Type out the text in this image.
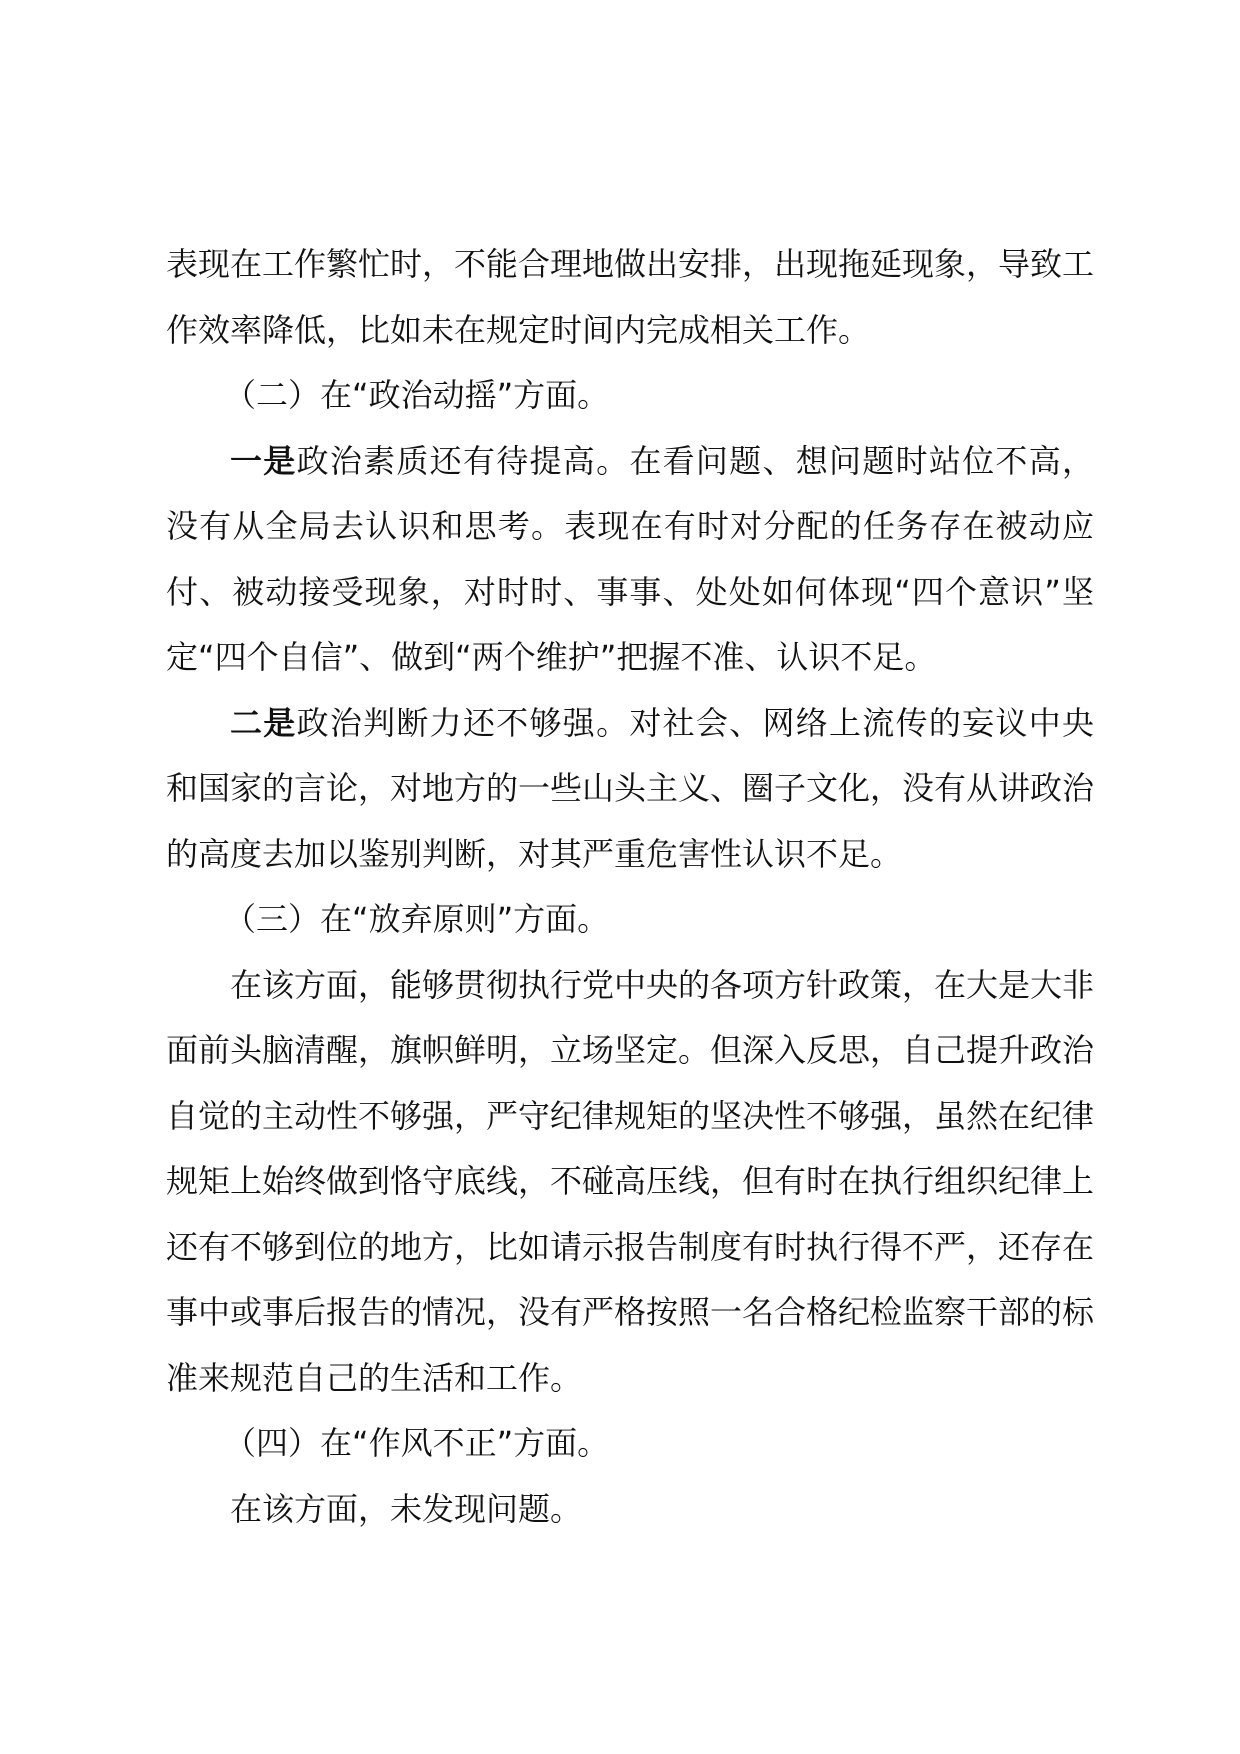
表现在工作繁忙时，不能合理地做出安排，出现拖延现象，导致工作效率降低，比如未在规定时间内完成相关工作。

（二）在“政治动摇”方面。

一是政治素质还有待提高。在看问题、想问题时站位不高，没有从全局去认识和思考。表现在有时对分配的任务存在被动应付、被动接受现象，对时时、事事、处处如何体现“四个意识”坚定“四个自信”、做到“两个维护”把握不准、认识不足。

二是政治判断力还不够强。对社会、网络上流传的妄议中央和国家的言论，对地方的一些山头主义、圈子文化，没有从讲政治的高度去加以鉴别判断，对其严重危害性认识不足。

（三）在“放弃原则”方面。

在该方面，能够贯彻执行党中央的各项方针政策，在大是大非面前头脑清醒，旗帜鲜明，立场坚定。但深入反思，自己提升政治自觉的主动性不够强，严守纪律规矩的坚决性不够强，虽然在纪律规矩上始终做到恪守底线，不碰高压线，但有时在执行组织纪律上还有不够到位的地方，比如请示报告制度有时执行得不严，还存在事中或事后报告的情况，没有严格按照一名合格纪检监察干部的标准来规范自己的生活和工作。

（四）在“作风不正”方面。

在该方面，未发现问题。
